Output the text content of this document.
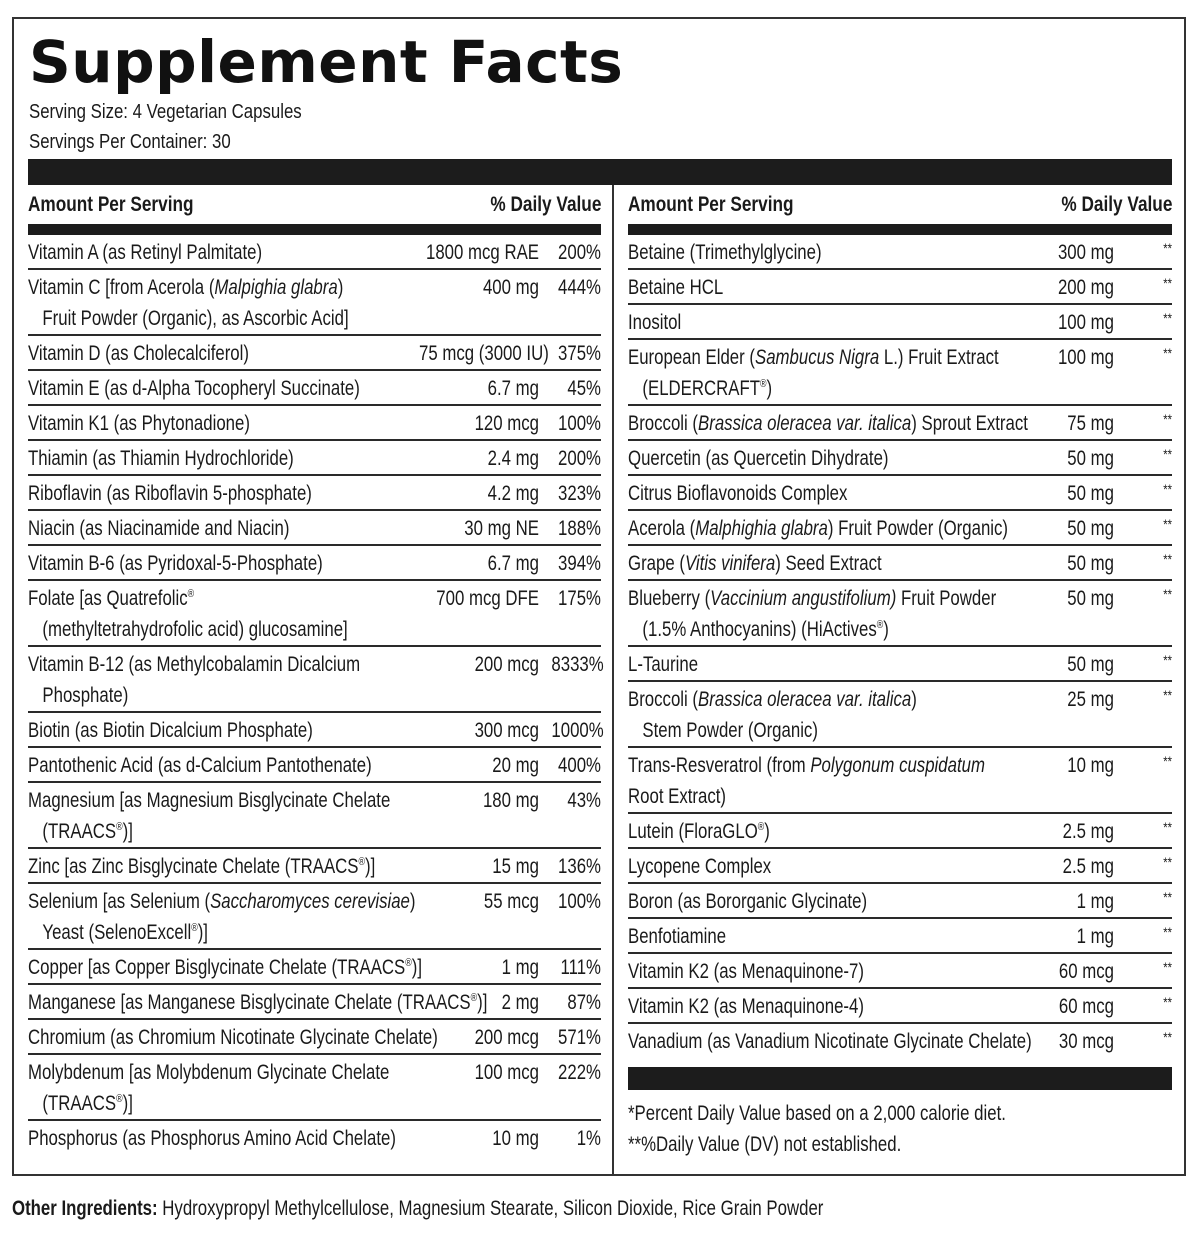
Supplement Facts
Serving Size: 4 Vegetarian Capsules
Servings Per Container: 30
Amount Per Serving	% Daily Value
Vitamin A (as Retinyl Palmitate)	1800 mcg RAE 200%
Vitamin C [from Acerola (Malpighia glabra)
Fruit Powder (Organic), as Ascorbic Acid]
400 mg 444%
Vitamin D (as Cholecalciferol)	75 mcg (3000 IU) 375%
Vitamin E (as d-Alpha Tocopheryl Succinate)	6.7 mg	45%
Vitamin K1 (as Phytonadione)	120 mcg 100%
Thiamin (as Thiamin Hydrochloride)	2.4 mg 200%
Riboflavin (as Riboflavin 5-phosphate)	4.2 mg 323%
Niacin (as Niacinamide and Niacin)	30 mg NE 188%
Vitamin B-6 (as Pyridoxal-5-Phosphate)	6.7 mg 394%
Folate [as Quatrefolic®
(methyltetrahydrofolic acid) glucosamine]
700 mcg DFE 175%
Vitamin B-12 (as Methylcobalamin Dicalcium
Phosphate)
200 mcg 8333%
Biotin (as Biotin Dicalcium Phosphate)	300 mcg 1000%
Pantothenic Acid (as d-Calcium Pantothenate)	20 mg 400%
Magnesium [as Magnesium Bisglycinate Chelate
(TRAACS®)]
180 mg	43%
Zinc [as Zinc Bisglycinate Chelate (TRAACS®)]	15 mg 136%
Selenium [as Selenium (Saccharomyces cerevisiae)
Yeast (SelenoExcell®)]
55 mcg 100%
Copper [as Copper Bisglycinate Chelate (TRAACS®)]	1 mg	111%
Manganese [as Manganese Bisglycinate Chelate (TRAACS®)] 2 mg	87%
Chromium (as Chromium Nicotinate Glycinate Chelate)	200 mcg 571%
Molybdenum [as Molybdenum Glycinate Chelate
(TRAACS®)]
100 mcg 222%
Phosphorus (as Phosphorus Amino Acid Chelate)	10 mg	1%
Amount Per Serving	% Daily Value
Betaine (Trimethylglycine)	300 mg	**
Betaine HCL	200 mg	**
Inositol	100 mg	**
European Elder (Sambucus Nigra L.) Fruit Extract
(ELDERCRAFT®)
100 mg	**
Broccoli (Brassica oleracea var. italica) Sprout Extract	75 mg	**
Quercetin (as Quercetin Dihydrate)	50 mg	**
Citrus Bioflavonoids Complex	50 mg	**
Acerola (Malphighia glabra) Fruit Powder (Organic)	50 mg	**
Grape (Vitis vinifera) Seed Extract	50 mg	**
Blueberry (Vaccinium angustifolium) Fruit Powder
(1.5% Anthocyanins) (HiActives®)
50 mg	**
L-Taurine	50 mg	**
Broccoli (Brassica oleracea var. italica)
Stem Powder (Organic)
25 mg	**
Trans-Resveratrol (from Polygonum cuspidatum
Root Extract)
10 mg	**
Lutein (FloraGLO®)	2.5 mg	**
Lycopene Complex	2.5 mg	**
Boron (as Bororganic Glycinate)	1 mg	**
Benfotiamine	1 mg	**
Vitamin K2 (as Menaquinone-7)	60 mcg	**
Vitamin K2 (as Menaquinone-4)	60 mcg	**
Vanadium (as Vanadium Nicotinate Glycinate Chelate)	30 mcg	**
*Percent Daily Value based on a 2,000 calorie diet.
**%Daily Value (DV) not established.
Other Ingredients: Hydroxypropyl Methylcellulose, Magnesium Stearate, Silicon Dioxide, Rice Grain Powder
